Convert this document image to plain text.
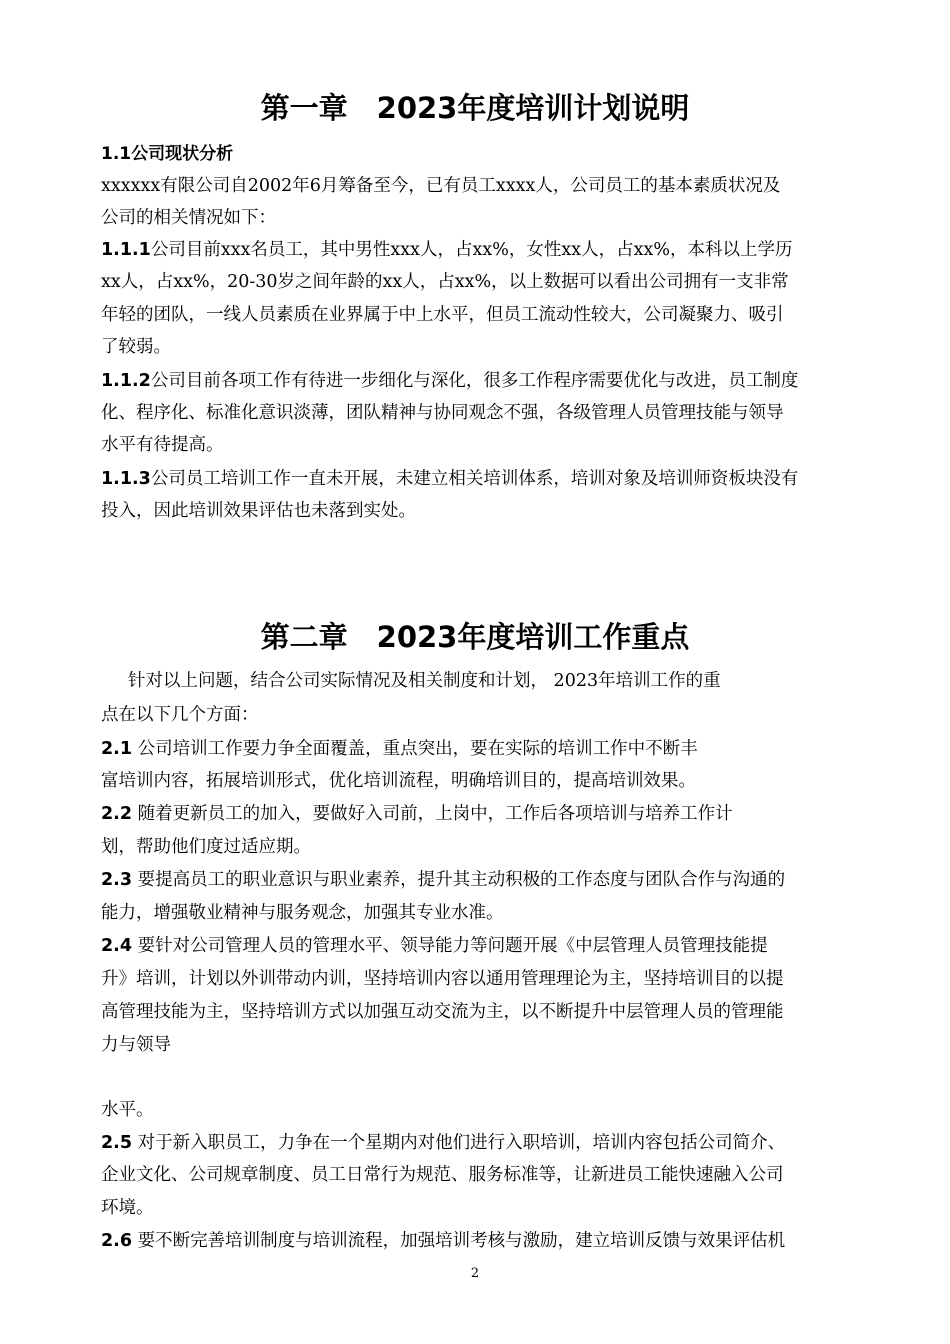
第一章　2023年度培训计划说明

1.1公司现状分析

xxxxxx有限公司自2002年6月筹备至今，已有员工xxxx人，公司员工的基本素质状况及

公司的相关情况如下：

1.1.1公司目前xxx名员工，其中男性xxx人，占xx%，女性xx人，占xx%，本科以上学历

xx人，占xx%，20-30岁之间年龄的xx人，占xx%，以上数据可以看出公司拥有一支非常

年轻的团队，一线人员素质在业界属于中上水平，但员工流动性较大，公司凝聚力、吸引

了较弱。

1.1.2公司目前各项工作有待进一步细化与深化，很多工作程序需要优化与改进，员工制度

化、程序化、标准化意识淡薄，团队精神与协同观念不强，各级管理人员管理技能与领导

水平有待提高。

1.1.3公司员工培训工作一直未开展，未建立相关培训体系，培训对象及培训师资板块没有

投入，因此培训效果评估也未落到实处。

第二章　2023年度培训工作重点

针对以上问题，结合公司实际情况及相关制度和计划， 2023年培训工作的重

点在以下几个方面：

2.1 公司培训工作要力争全面覆盖，重点突出，要在实际的培训工作中不断丰

富培训内容，拓展培训形式，优化培训流程，明确培训目的，提高培训效果。

2.2 随着更新员工的加入，要做好入司前，上岗中，工作后各项培训与培养工作计

划，帮助他们度过适应期。

2.3 要提高员工的职业意识与职业素养，提升其主动积极的工作态度与团队合作与沟通的

能力，增强敬业精神与服务观念，加强其专业水准。

2.4 要针对公司管理人员的管理水平、领导能力等问题开展《中层管理人员管理技能提

升》培训，计划以外训带动内训，坚持培训内容以通用管理理论为主，坚持培训目的以提

高管理技能为主，坚持培训方式以加强互动交流为主，以不断提升中层管理人员的管理能

力与领导

水平。

2.5 对于新入职员工，力争在一个星期内对他们进行入职培训，培训内容包括公司简介、

企业文化、公司规章制度、员工日常行为规范、服务标准等，让新进员工能快速融入公司

环境。

2.6 要不断完善培训制度与培训流程，加强培训考核与激励，建立培训反馈与效果评估机

2
